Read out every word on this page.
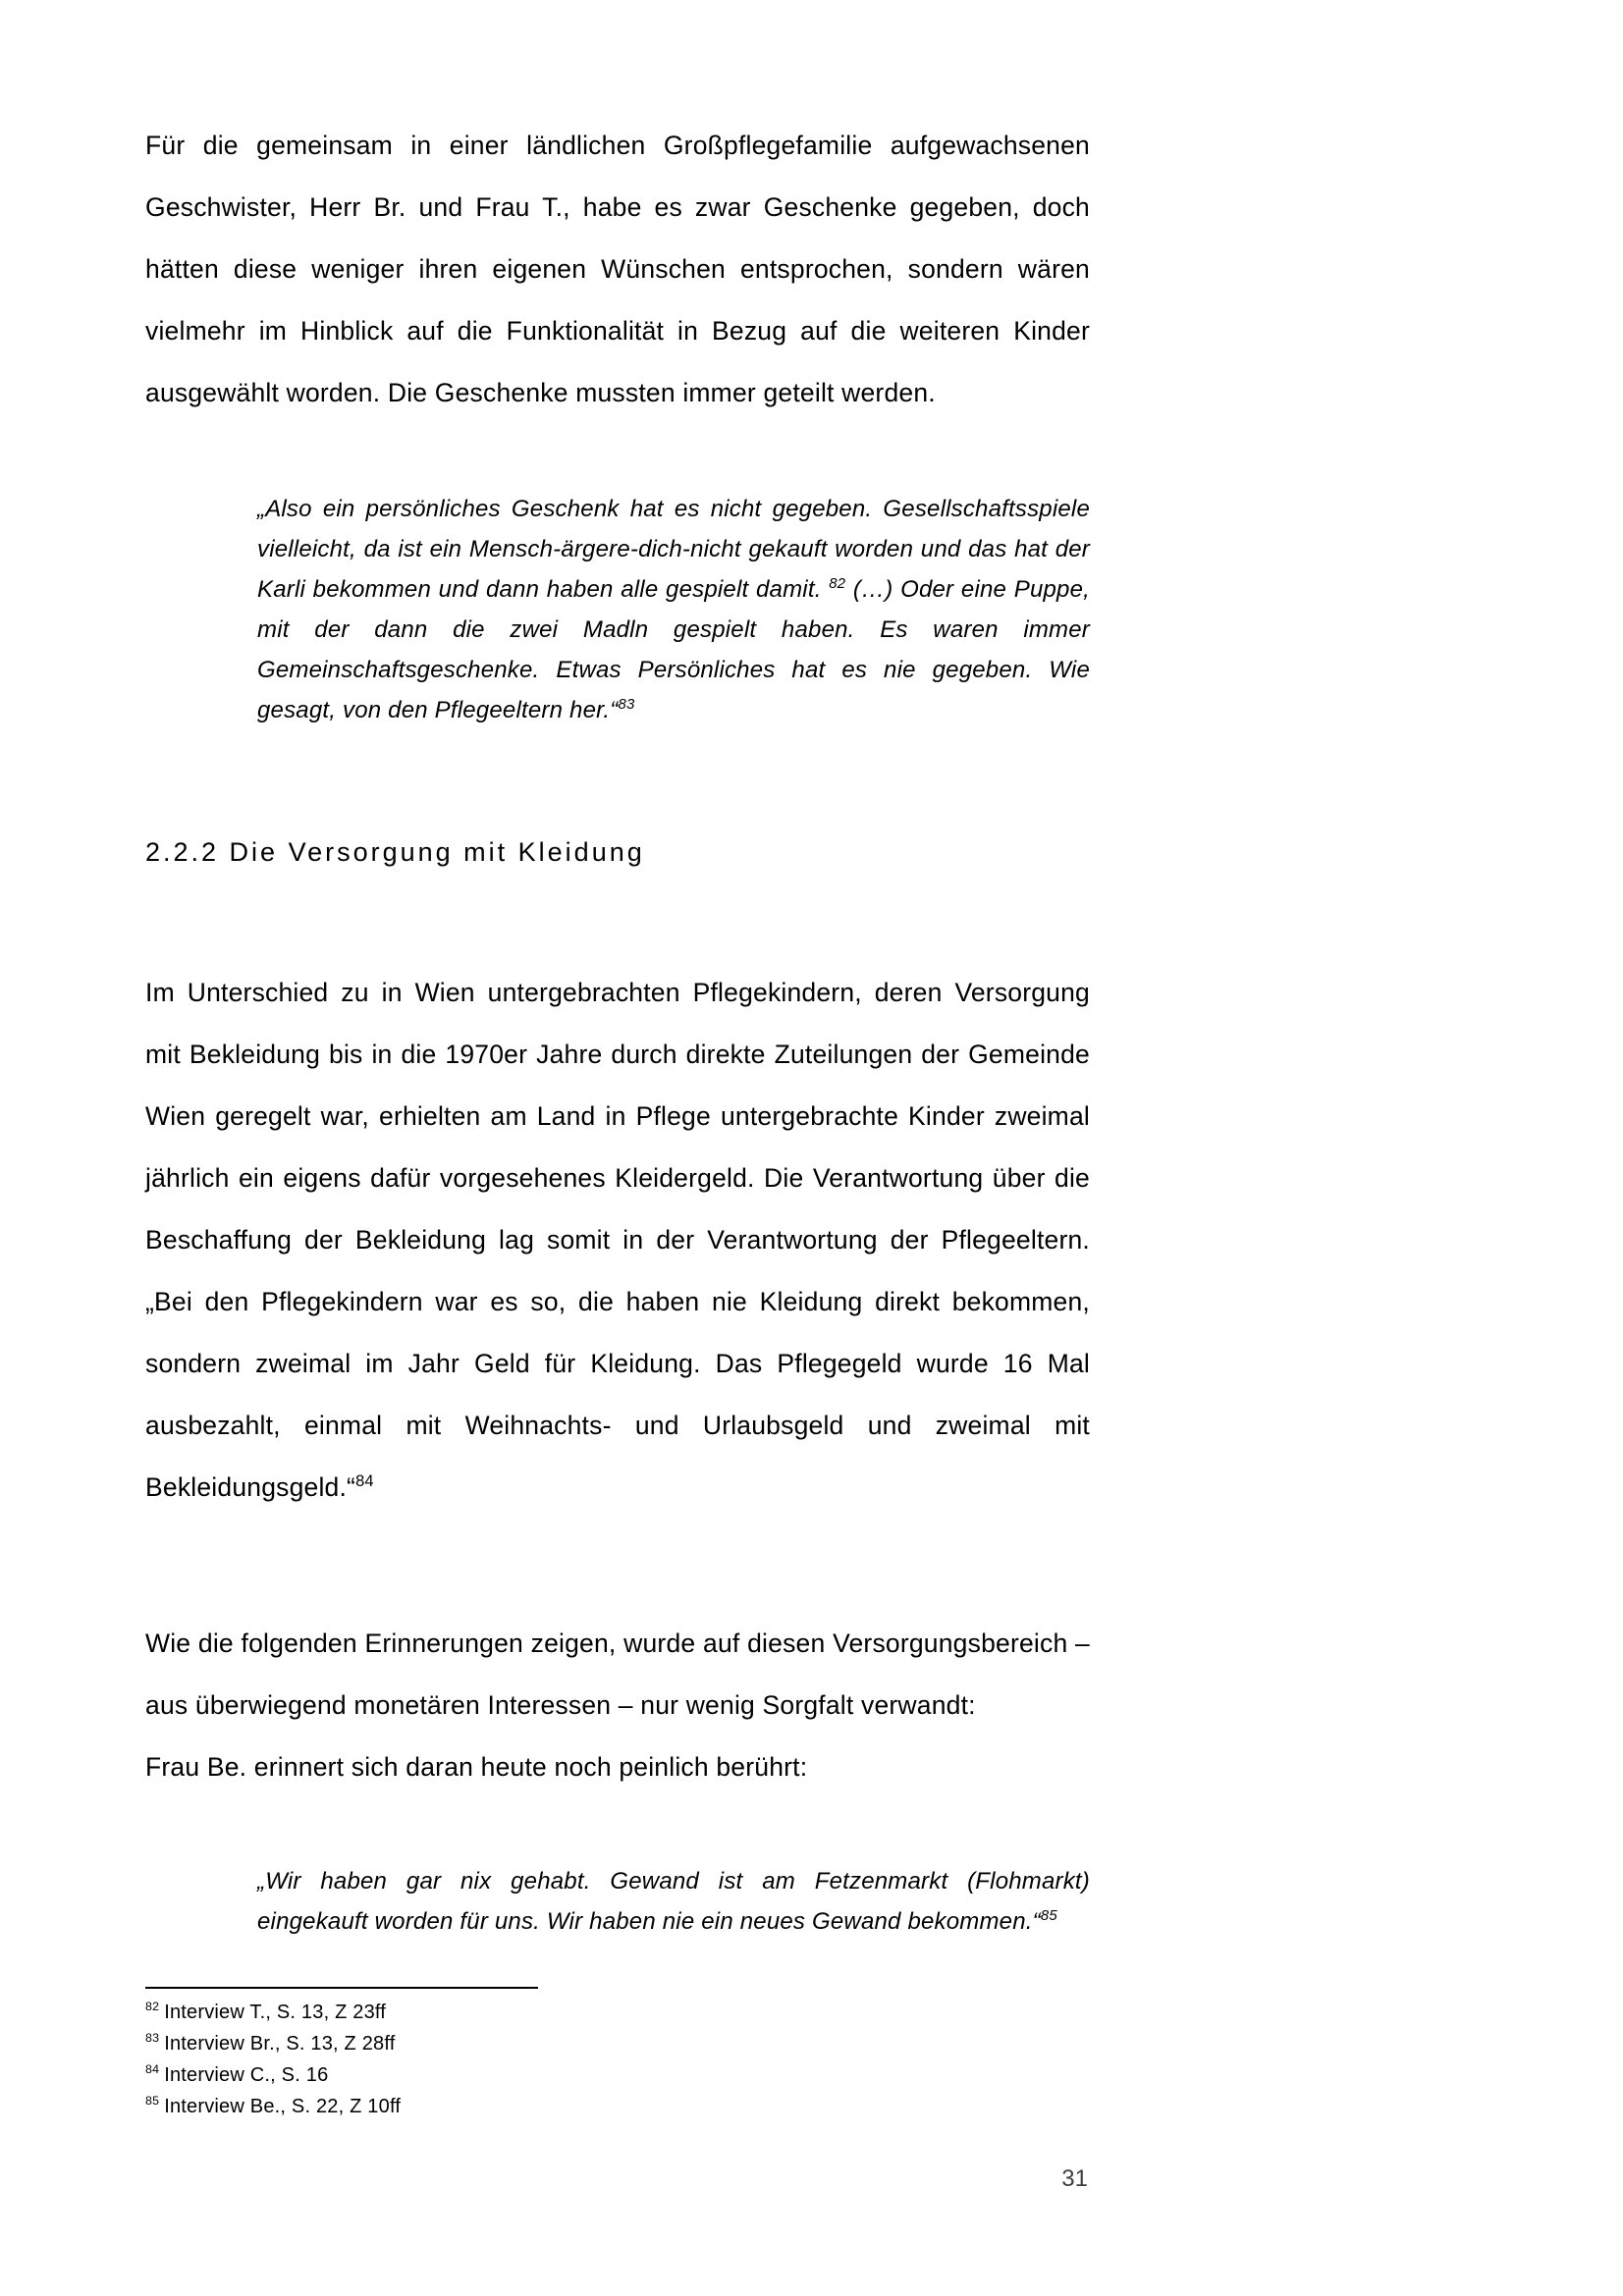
Für die gemeinsam in einer ländlichen Großpflegefamilie aufgewachsenen Geschwister, Herr Br. und Frau T., habe es zwar Geschenke gegeben, doch hätten diese weniger ihren eigenen Wünschen entsprochen, sondern wären vielmehr im Hinblick auf die Funktionalität in Bezug auf die weiteren Kinder ausgewählt worden. Die Geschenke mussten immer geteilt werden.
„Also ein persönliches Geschenk hat es nicht gegeben. Gesellschaftsspiele vielleicht, da ist ein Mensch-ärgere-dich-nicht gekauft worden und das hat der Karli bekommen und dann haben alle gespielt damit. $^{82}$ (…) Oder eine Puppe, mit der dann die zwei Madln gespielt haben. Es waren immer Gemeinschaftsgeschenke. Etwas Persönliches hat es nie gegeben. Wie gesagt, von den Pflegeeltern her.“$^{83}$
2.2.2 Die Versorgung mit Kleidung
Im Unterschied zu in Wien untergebrachten Pflegekindern, deren Versorgung mit Bekleidung bis in die 1970er Jahre durch direkte Zuteilungen der Gemeinde Wien geregelt war, erhielten am Land in Pflege untergebrachte Kinder zweimal jährlich ein eigens dafür vorgesehenes Kleidergeld. Die Verantwortung über die Beschaffung der Bekleidung lag somit in der Verantwortung der Pflegeeltern. „Bei den Pflegekindern war es so, die haben nie Kleidung direkt bekommen, sondern zweimal im Jahr Geld für Kleidung. Das Pflegegeld wurde 16 Mal ausbezahlt, einmal mit Weihnachts- und Urlaubsgeld und zweimal mit Bekleidungsgeld.“$^{84}$
Wie die folgenden Erinnerungen zeigen, wurde auf diesen Versorgungsbereich – aus überwiegend monetären Interessen – nur wenig Sorgfalt verwandt:
Frau Be. erinnert sich daran heute noch peinlich berührt:
„Wir haben gar nix gehabt. Gewand ist am Fetzenmarkt (Flohmarkt) eingekauft worden für uns. Wir haben nie ein neues Gewand bekommen.“$^{85}$
$^{82}$ Interview T., S. 13, Z 23ff
$^{83}$ Interview Br., S. 13, Z 28ff
$^{84}$ Interview C., S. 16
$^{85}$ Interview Be., S. 22, Z 10ff
31
